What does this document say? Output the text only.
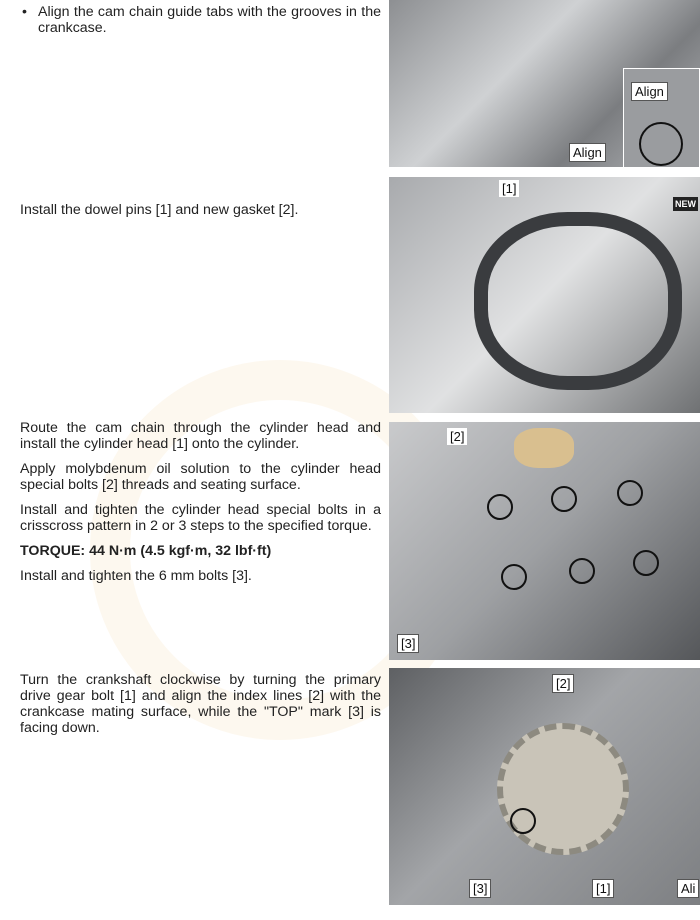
• Align the cam chain guide tabs with the grooves in the crankcase.
Align
Align

Install the dowel pins [1] and new gasket [2].

[1]
NEW

Route the cam chain through the cylinder head and install the cylinder head [1] onto the cylinder.

Apply molybdenum oil solution to the cylinder head special bolts [2] threads and seating surface.

Install and tighten the cylinder head special bolts in a crisscross pattern in 2 or 3 steps to the specified torque.

TORQUE: 44 N·m (4.5 kgf·m, 32 lbf·ft)

Install and tighten the 6 mm bolts [3].

[2]
[3]

Turn the crankshaft clockwise by turning the primary drive gear bolt [1] and align the index lines [2] with the crankcase mating surface, while the "TOP" mark [3] is facing down.

[2]
[3]	[1]	Ali
